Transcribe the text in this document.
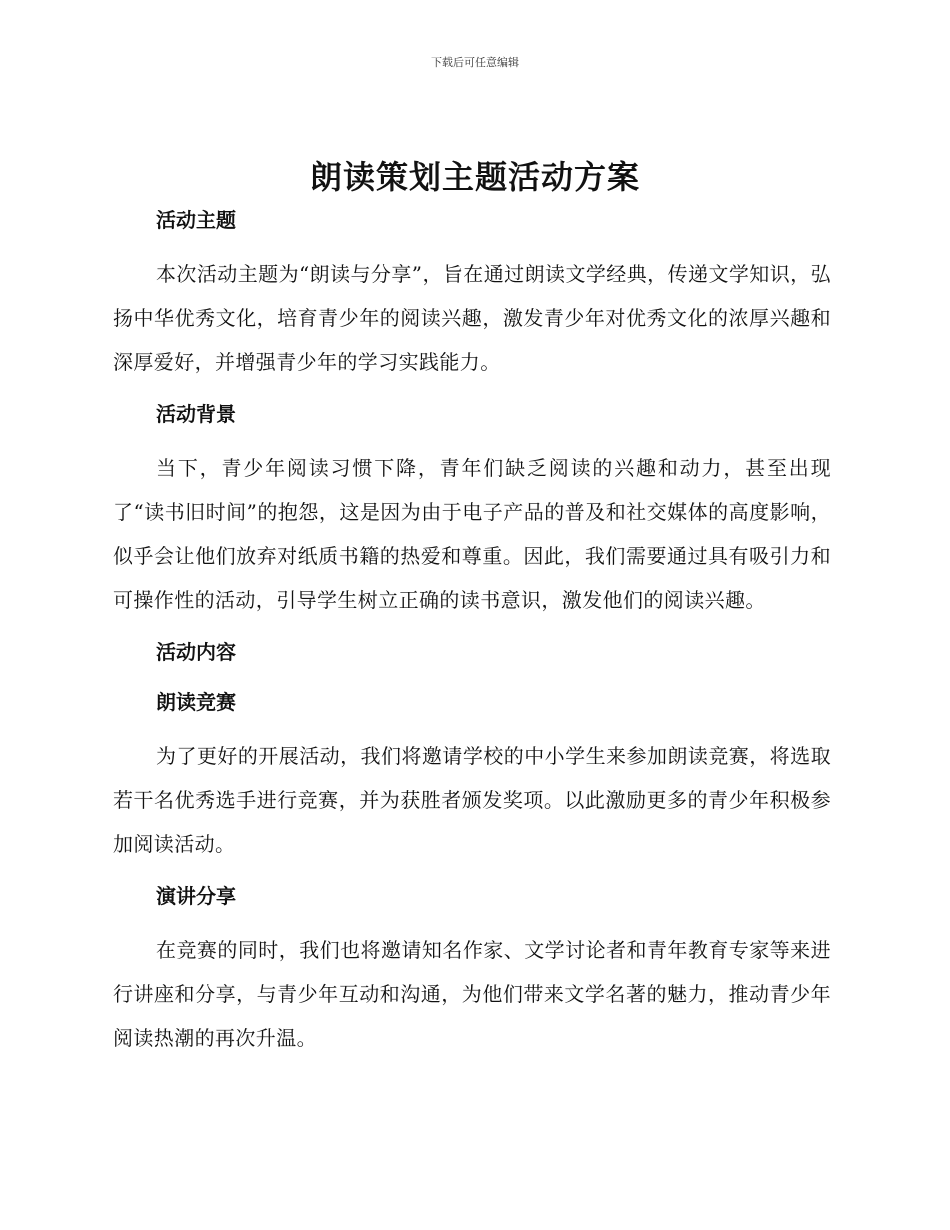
下载后可任意编辑
朗读策划主题活动方案
活动主题

本次活动主题为“朗读与分享”，旨在通过朗读文学经典，传递文学知识，弘扬中华优秀文化，培育青少年的阅读兴趣，激发青少年对优秀文化的浓厚兴趣和深厚爱好，并增强青少年的学习实践能力。

活动背景

当下，青少年阅读习惯下降，青年们缺乏阅读的兴趣和动力，甚至出现了“读书旧时间”的抱怨，这是因为由于电子产品的普及和社交媒体的高度影响，似乎会让他们放弃对纸质书籍的热爱和尊重。因此，我们需要通过具有吸引力和可操作性的活动，引导学生树立正确的读书意识，激发他们的阅读兴趣。

活动内容
朗读竞赛

为了更好的开展活动，我们将邀请学校的中小学生来参加朗读竞赛，将选取若干名优秀选手进行竞赛，并为获胜者颁发奖项。以此激励更多的青少年积极参加阅读活动。

演讲分享

在竞赛的同时，我们也将邀请知名作家、文学讨论者和青年教育专家等来进行讲座和分享，与青少年互动和沟通，为他们带来文学名著的魅力，推动青少年阅读热潮的再次升温。
